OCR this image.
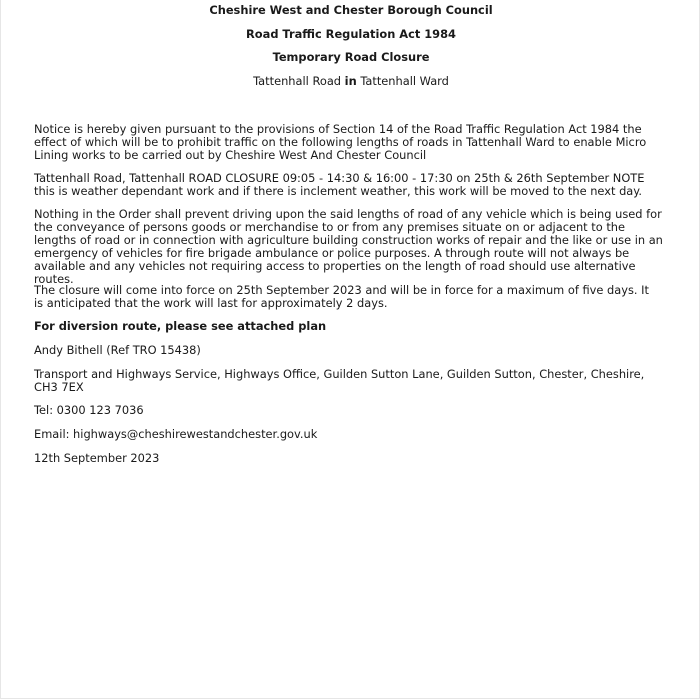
Cheshire West and Chester Borough Council
Road Traffic Regulation Act 1984
Temporary Road Closure
Tattenhall Road in Tattenhall Ward
Notice is hereby given pursuant to the provisions of Section 14 of the Road Traffic Regulation Act 1984 the effect of which will be to prohibit traffic on the following lengths of roads in Tattenhall Ward to enable Micro Lining works to be carried out by Cheshire West And Chester Council
Tattenhall Road, Tattenhall ROAD CLOSURE 09:05 - 14:30 & 16:00 - 17:30 on 25th & 26th September NOTE this is weather dependant work and if there is inclement weather, this work will be moved to the next day.
Nothing in the Order shall prevent driving upon the said lengths of road of any vehicle which is being used for the conveyance of persons goods or merchandise to or from any premises situate on or adjacent to the lengths of road or in connection with agriculture building construction works of repair and the like or use in an emergency of vehicles for fire brigade ambulance or police purposes. A through route will not always be available and any vehicles not requiring access to properties on the length of road should use alternative routes.
The closure will come into force on 25th September 2023 and will be in force for a maximum of five days. It is anticipated that the work will last for approximately 2 days.
For diversion route, please see attached plan
Andy Bithell (Ref TRO 15438)
Transport and Highways Service, Highways Office, Guilden Sutton Lane, Guilden Sutton, Chester, Cheshire, CH3 7EX
Tel: 0300 123 7036
Email: highways@cheshirewestandchester.gov.uk
12th September 2023
